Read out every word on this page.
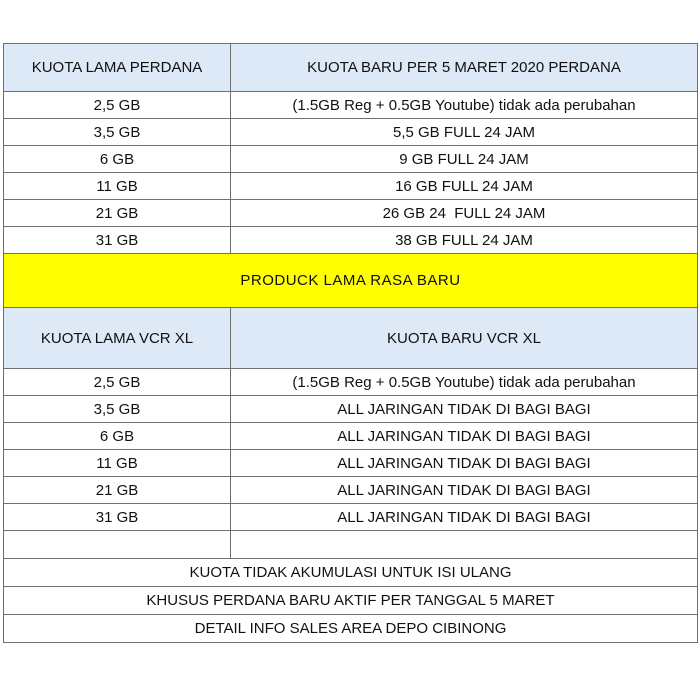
KUOTA LAMA PERDANA	KUOTA BARU PER 5 MARET 2020 PERDANA
2,5 GB	(1.5GB Reg + 0.5GB Youtube) tidak ada perubahan
3,5 GB	5,5 GB FULL 24 JAM
6 GB	9 GB FULL 24 JAM
11 GB	16 GB FULL 24 JAM
21 GB	26 GB 24  FULL 24 JAM
31 GB	38 GB FULL 24 JAM
PRODUCK LAMA RASA BARU	
KUOTA LAMA VCR XL	KUOTA BARU VCR XL
2,5 GB	(1.5GB Reg + 0.5GB Youtube) tidak ada perubahan
3,5 GB	ALL JARINGAN TIDAK DI BAGI BAGI
6 GB	ALL JARINGAN TIDAK DI BAGI BAGI
11 GB	ALL JARINGAN TIDAK DI BAGI BAGI
21 GB	ALL JARINGAN TIDAK DI BAGI BAGI
31 GB	ALL JARINGAN TIDAK DI BAGI BAGI

KUOTA TIDAK AKUMULASI UNTUK ISI ULANG	
KHUSUS PERDANA BARU AKTIF PER TANGGAL 5 MARET	
DETAIL INFO SALES AREA DEPO CIBINONG	
